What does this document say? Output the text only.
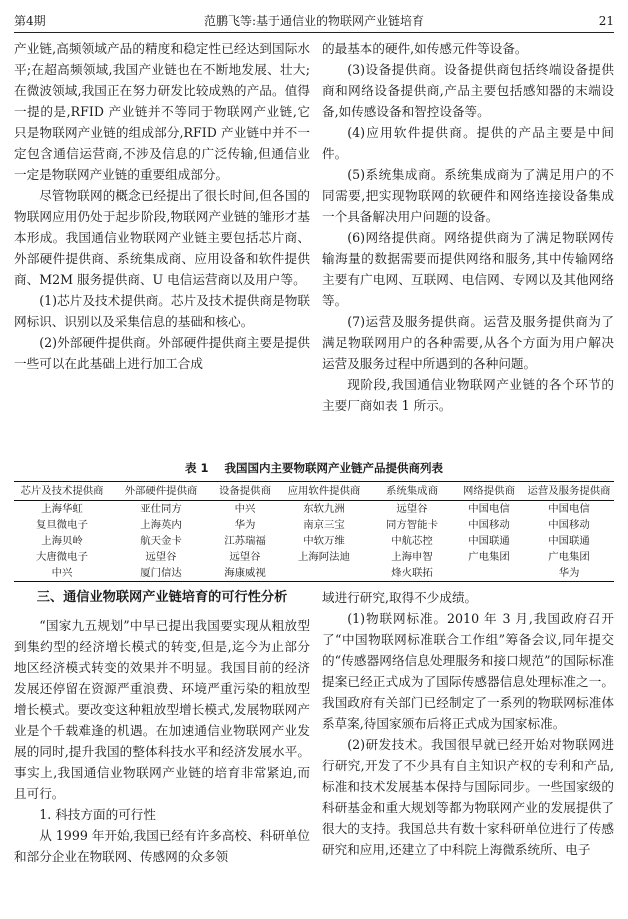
第4期	范鹏飞等:基于通信业的物联网产业链培育	21

产业链,高频领域产品的精度和稳定性已经达到国际水平;在超高频领域,我国产业链也在不断地发展、壮大;在微波领域,我国正在努力研发比较成熟的产品。值得一提的是,RFID 产业链并不等同于物联网产业链,它只是物联网产业链的组成部分,RFID 产业链中并不一定包含通信运营商,不涉及信息的广泛传输,但通信业一定是物联网产业链的重要组成部分。

尽管物联网的概念已经提出了很长时间,但各国的物联网应用仍处于起步阶段,物联网产业链的雏形才基本形成。我国通信业物联网产业链主要包括芯片商、外部硬件提供商、系统集成商、应用设备和软件提供商、M2M 服务提供商、U 电信运营商以及用户等。

(1)芯片及技术提供商。芯片及技术提供商是物联网标识、识别以及采集信息的基础和核心。

(2)外部硬件提供商。外部硬件提供商主要是提供一些可以在此基础上进行加工合成

的最基本的硬件,如传感元件等设备。

(3)设备提供商。设备提供商包括终端设备提供商和网络设备提供商,产品主要包括感知器的末端设备,如传感设备和智控设备等。

(4)应用软件提供商。提供的产品主要是中间件。

(5)系统集成商。系统集成商为了满足用户的不同需要,把实现物联网的软硬件和网络连接设备集成一个具备解决用户问题的设备。

(6)网络提供商。网络提供商为了满足物联网传输海量的数据需要而提供网络和服务,其中传输网络主要有广电网、互联网、电信网、专网以及其他网络等。

(7)运营及服务提供商。运营及服务提供商为了满足物联网用户的各种需要,从各个方面为用户解决运营及服务过程中所遇到的各种问题。

现阶段,我国通信业物联网产业链的各个环节的主要厂商如表 1 所示。

表 1 我国国内主要物联网产业链产品提供商列表
芯片及技术提供商	外部硬件提供商	设备提供商	应用软件提供商	系统集成商	网络提供商	运营及服务提供商
上海华虹	亚仕同方	中兴	东软九洲	远望谷	中国电信	中国电信
复旦微电子	上海英内	华为	南京三宝	同方智能卡	中国移动	中国移动
上海贝岭	航天金卡	江苏瑞福	中软万维	中航芯控	中国联通	中国联通
大唐微电子	远望谷	远望谷	上海阿法迪	上海申智	广电集团	广电集团
中兴	厦门信达	海康威视		烽火联拓		华为
三、通信业物联网产业链培育的可行性分析

“国家九五规划”中早已提出我国要实现从粗放型到集约型的经济增长模式的转变,但是,迄今为止部分地区经济模式转变的效果并不明显。我国目前的经济发展还停留在资源严重浪费、环境严重污染的粗放型增长模式。要改变这种粗放型增长模式,发展物联网产业是个千载难逢的机遇。在加速通信业物联网产业发展的同时,提升我国的整体科技水平和经济发展水平。事实上,我国通信业物联网产业链的培育非常紧迫,而且可行。

1. 科技方面的可行性

从 1999 年开始,我国已经有许多高校、科研单位和部分企业在物联网、传感网的众多领

域进行研究,取得不少成绩。

(1)物联网标准。2010 年 3 月,我国政府召开了“中国物联网标准联合工作组”筹备会议,同年提交的“传感器网络信息处理服务和接口规范”的国际标准提案已经正式成为了国际传感器信息处理标准之一。我国政府有关部门已经制定了一系列的物联网标准体系草案,待国家颁布后将正式成为国家标准。

(2)研发技术。我国很早就已经开始对物联网进行研究,开发了不少具有自主知识产权的专利和产品,标准和技术发展基本保持与国际同步。一些国家级的科研基金和重大规划等都为物联网产业的发展提供了很大的支持。我国总共有数十家科研单位进行了传感研究和应用,还建立了中科院上海微系统所、电子
